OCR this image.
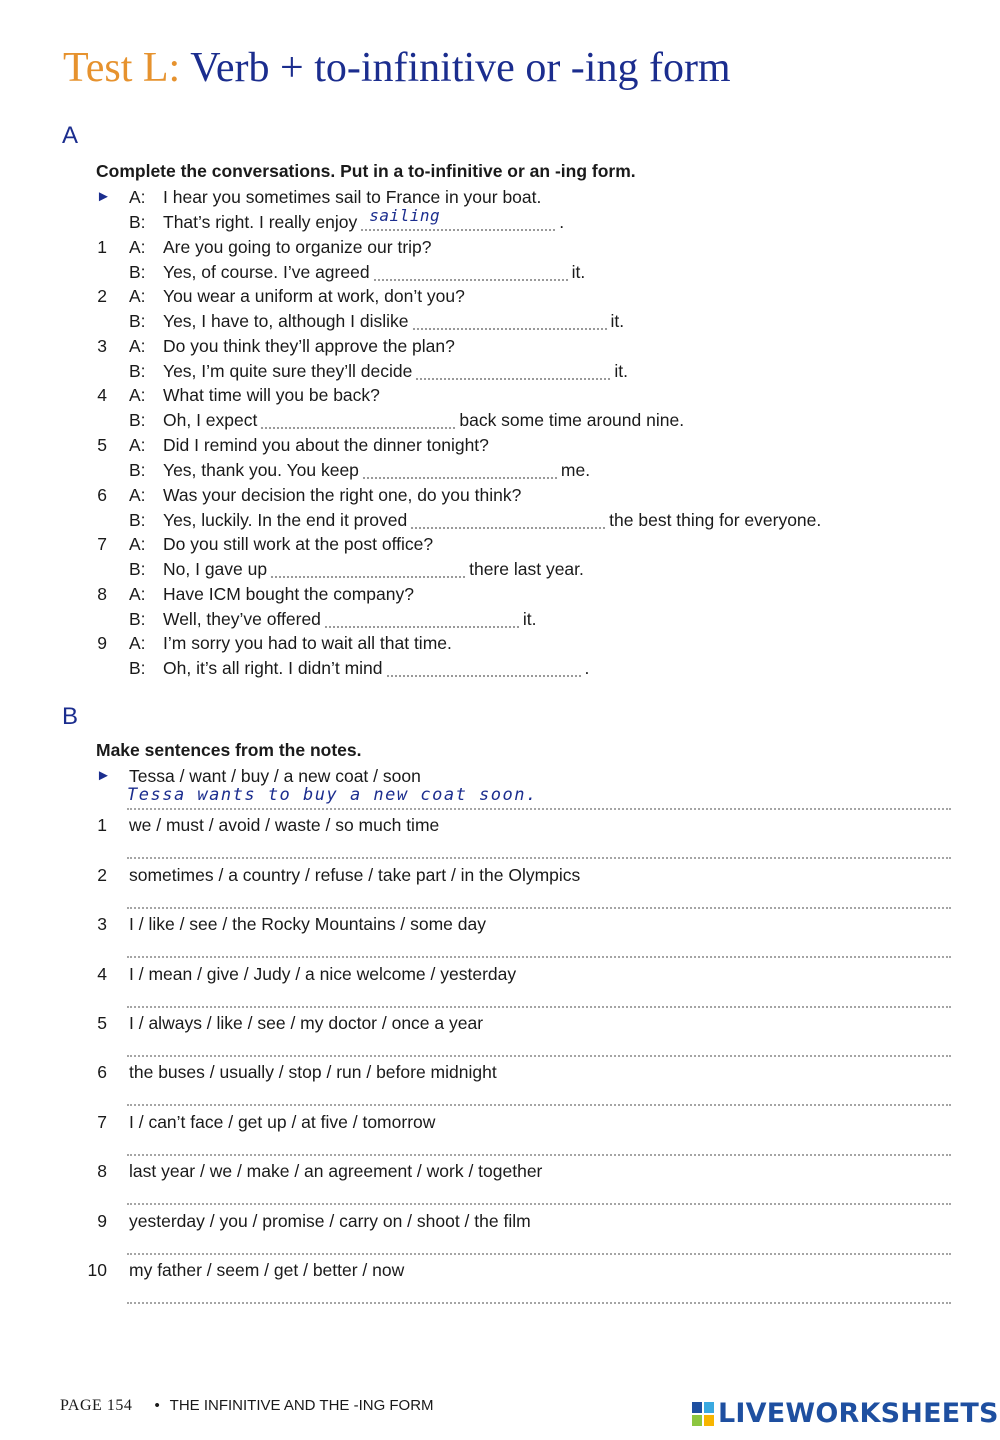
Test L: Verb + to-infinitive or -ing form
A
Complete the conversations. Put in a to-infinitive or an -ing form.
► A: I hear you sometimes sail to France in your boat.
B: That’s right. I really enjoy sailing	.
1 A: Are you going to organize our trip?
B: Yes, of course. I’ve agreed	it.
2 A: You wear a uniform at work, don’t you?
B: Yes, I have to, although I dislike	it.
3 A: Do you think they’ll approve the plan?
B: Yes, I’m quite sure they’ll decide	it.
4 A: What time will you be back?
B: Oh, I expect	back some time around nine.
5 A: Did I remind you about the dinner tonight?
B: Yes, thank you. You keep	me.
6 A: Was your decision the right one, do you think?
B: Yes, luckily. In the end it proved	the best thing for everyone.
7 A: Do you still work at the post office?
B: No, I gave up	there last year.
8 A: Have ICM bought the company?
B: Well, they’ve offered	it.
9 A: I’m sorry you had to wait all that time.
B: Oh, it’s all right. I didn’t mind	.
B
Make sentences from the notes.
► Tessa / want / buy / a new coat / soon
Tessa wants to buy a new coat soon.
1 we / must / avoid / waste / so much time
2 sometimes / a country / refuse / take part / in the Olympics
3 I / like / see / the Rocky Mountains / some day
4 I / mean / give / Judy / a nice welcome / yesterday
5 I / always / like / see / my doctor / once a year
6 the buses / usually / stop / run / before midnight
7 I / can’t face / get up / at five / tomorrow
8 last year / we / make / an agreement / work / together
9 yesterday / you / promise / carry on / shoot / the film
10 my father / seem / get / better / now
PAGE 154 • THE INFINITIVE AND THE -ING FORM	LIVEWORKSHEETS
